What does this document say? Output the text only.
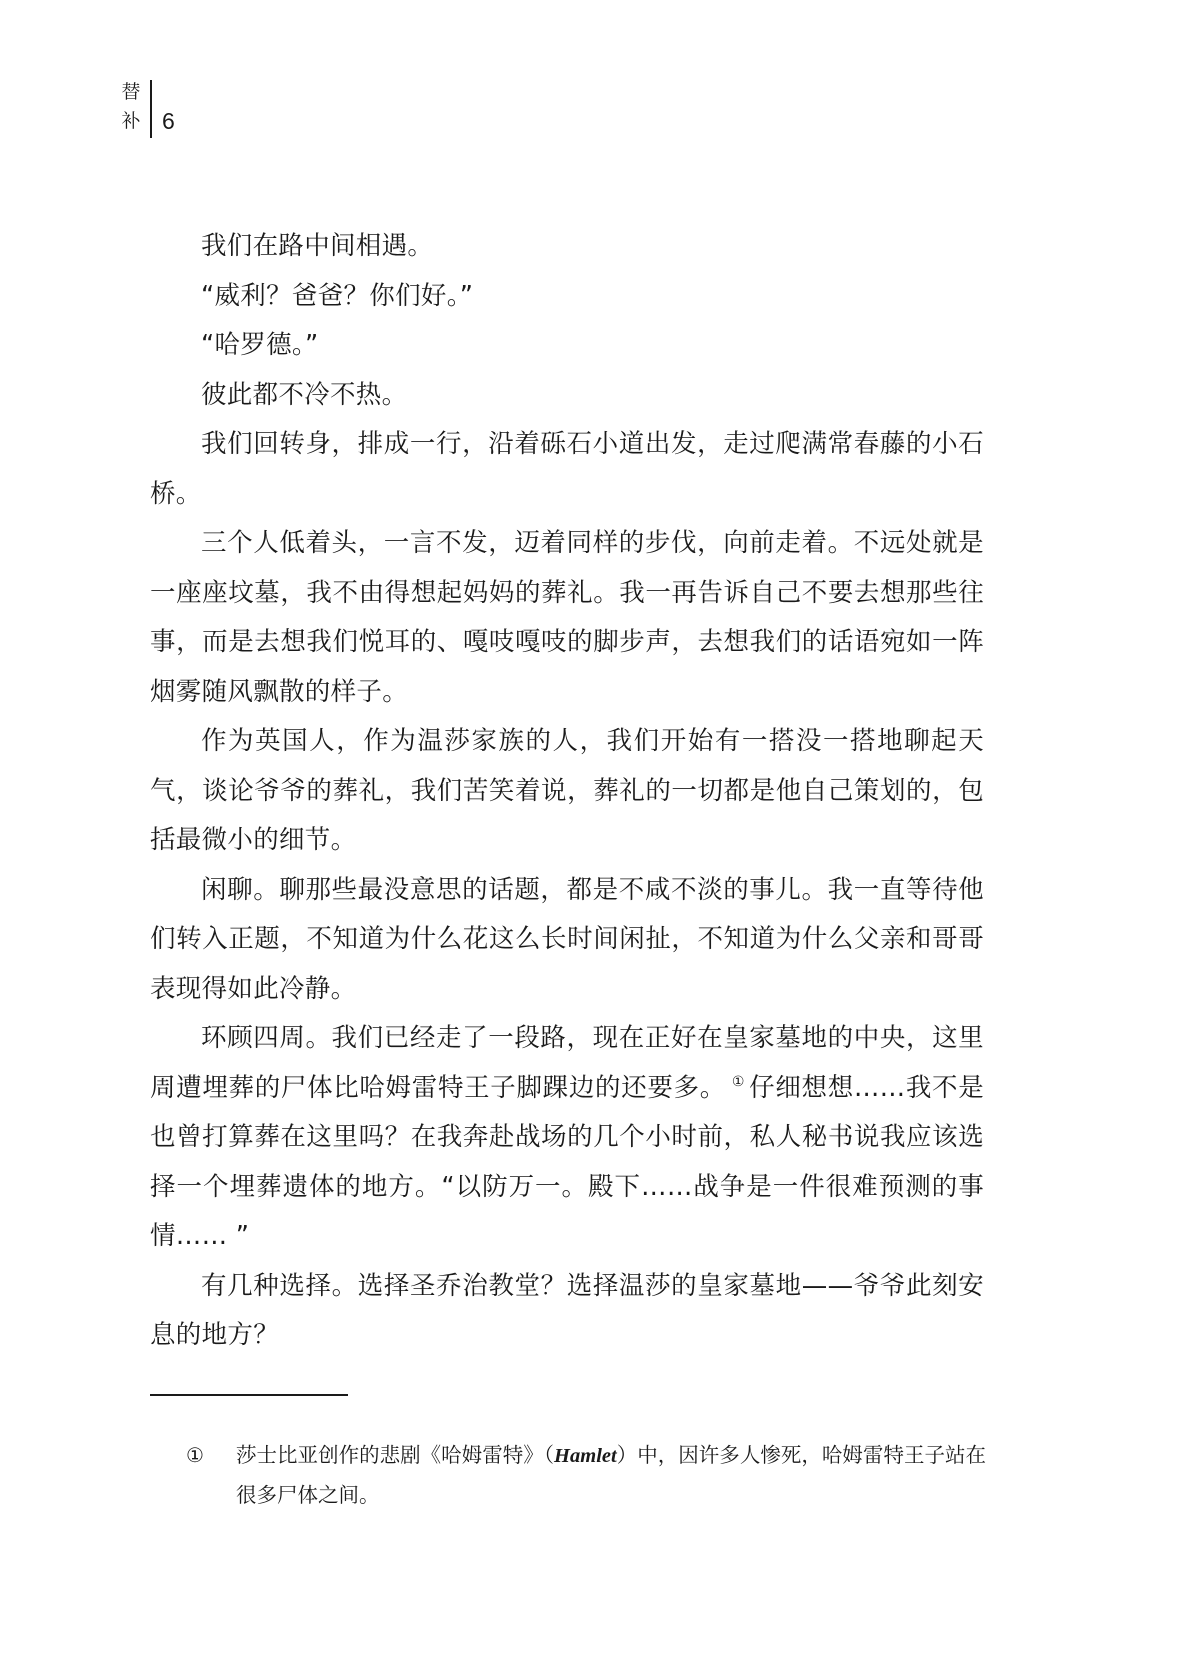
替补 6

我们在路中间相遇。

“威利？爸爸？你们好。”

“哈罗德。”

彼此都不冷不热。

我们回转身，排成一行，沿着砾石小道出发，走过爬满常春藤的小石桥。

三个人低着头，一言不发，迈着同样的步伐，向前走着。不远处就是一座座坟墓，我不由得想起妈妈的葬礼。我一再告诉自己不要去想那些往事，而是去想我们悦耳的、嘎吱嘎吱的脚步声，去想我们的话语宛如一阵烟雾随风飘散的样子。

作为英国人，作为温莎家族的人，我们开始有一搭没一搭地聊起天气，谈论爷爷的葬礼，我们苦笑着说，葬礼的一切都是他自己策划的，包括最微小的细节。

闲聊。聊那些最没意思的话题，都是不咸不淡的事儿。我一直等待他们转入正题，不知道为什么花这么长时间闲扯，不知道为什么父亲和哥哥表现得如此冷静。

环顾四周。我们已经走了一段路，现在正好在皇家墓地的中央，这里周遭埋葬的尸体比哈姆雷特王子脚踝边的还要多。 ① 仔细想想……我不是也曾打算葬在这里吗？在我奔赴战场的几个小时前，私人秘书说我应该选择一个埋葬遗体的地方。“以防万一。殿下……战争是一件很难预测的事情…… ”

有几种选择。选择圣乔治教堂？选择温莎的皇家墓地——爷爷此刻安息的地方？

① 莎士比亚创作的悲剧《哈姆雷特》（Hamlet）中，因许多人惨死，哈姆雷特王子站在很多尸体之间。
